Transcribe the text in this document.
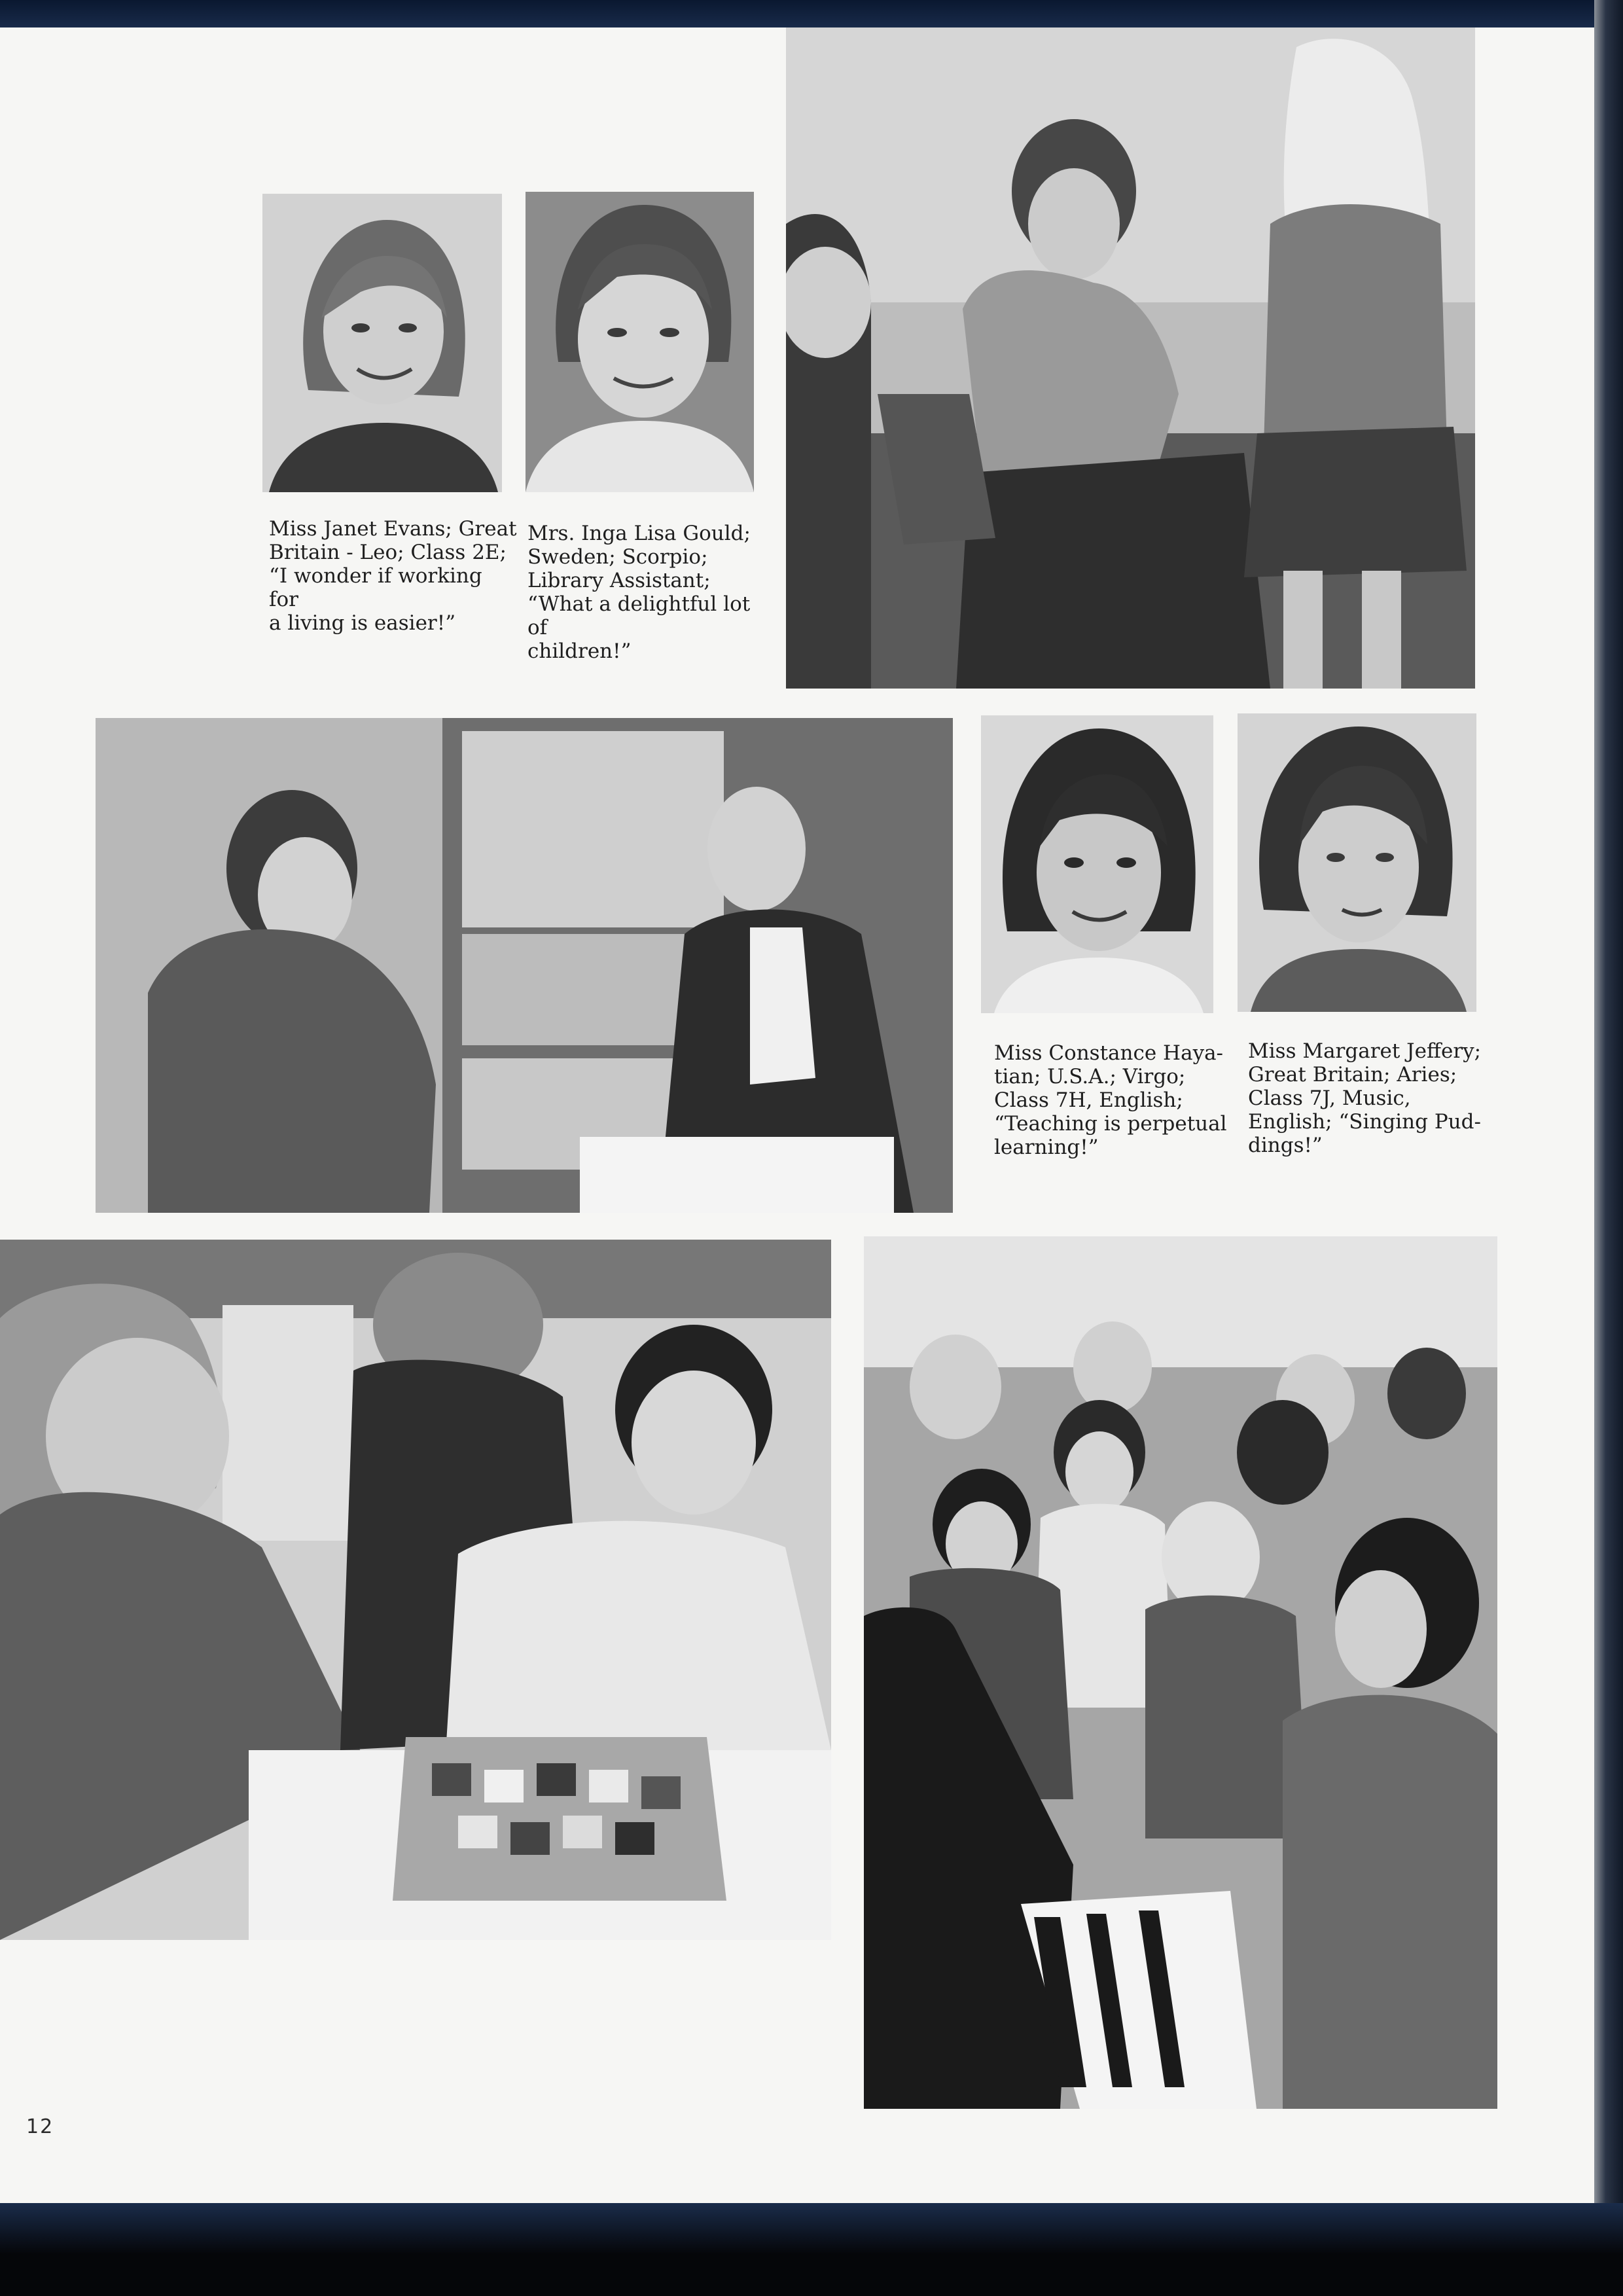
Miss Janet Evans; Great
Britain - Leo; Class 2E;
“I wonder if working for
a living is easier!”

Mrs. Inga Lisa Gould;
Sweden; Scorpio;
Library Assistant;
“What a delightful lot of
children!”

Miss Constance Haya-
tian; U.S.A.; Virgo;
Class 7H, English;
“Teaching is perpetual
learning!”

Miss Margaret Jeffery;
Great Britain; Aries;
Class 7J, Music,
English; “Singing Pud-
dings!”

12
